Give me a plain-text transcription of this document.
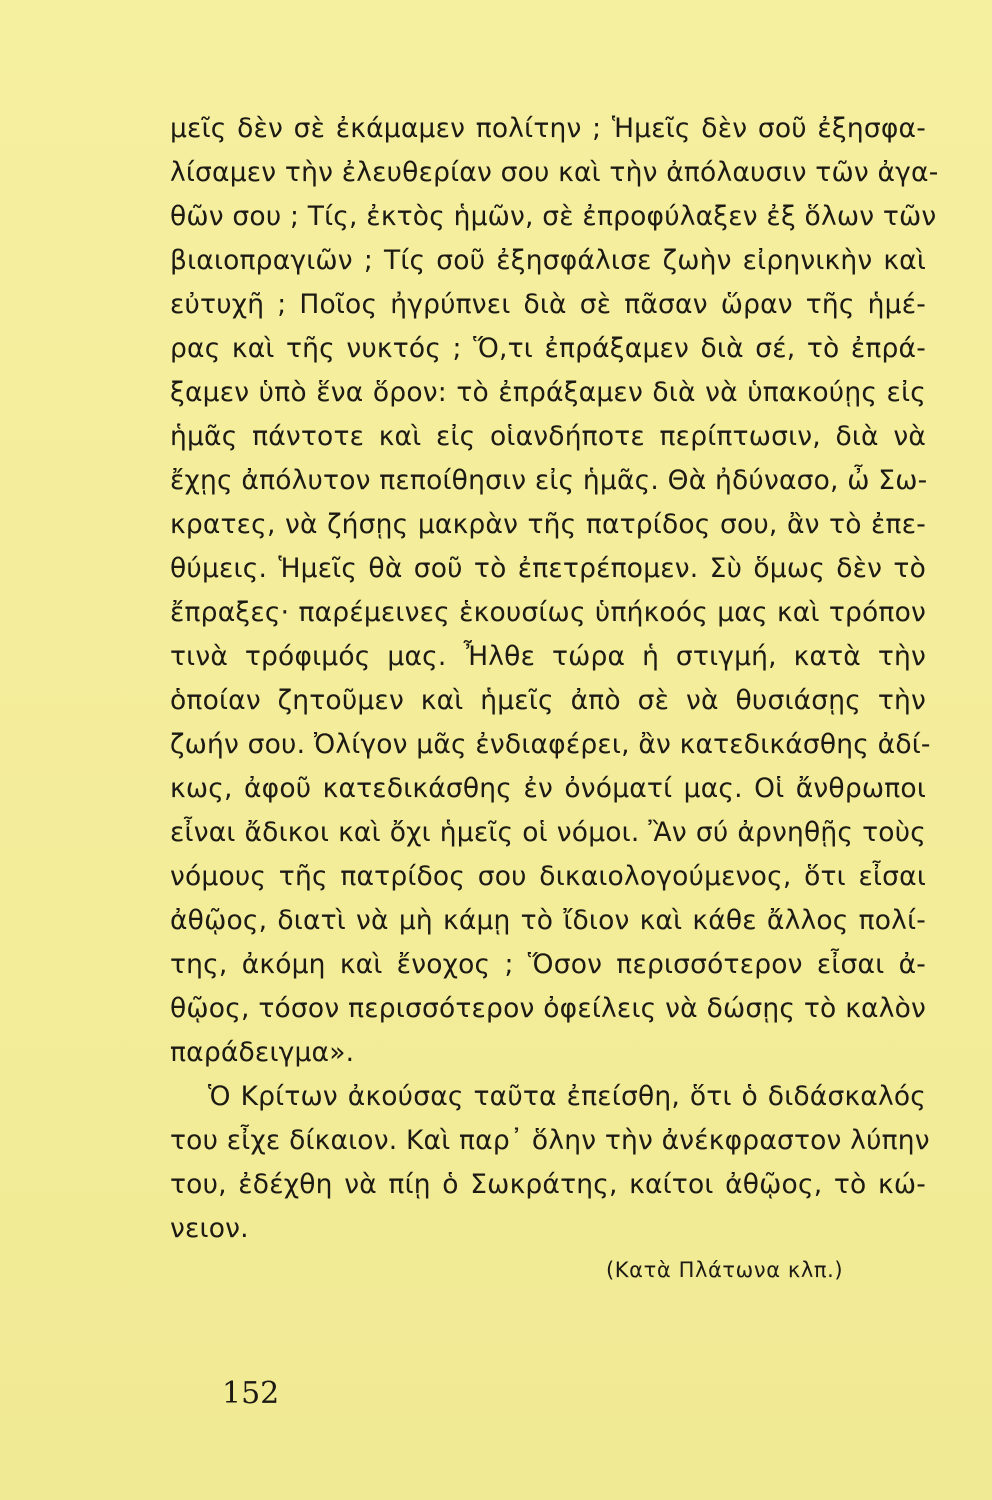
μεῖς δὲν σὲ ἐκάμαμεν πολίτην ; Ἡμεῖς δὲν σοῦ ἐξησφα-
λίσαμεν τὴν ἐλευθερίαν σου καὶ τὴν ἀπόλαυσιν τῶν ἀγα-
θῶν σου ; Τίς, ἐκτὸς ἡμῶν, σὲ ἐπροφύλαξεν ἐξ ὅλων τῶν
βιαιοπραγιῶν ; Τίς σοῦ ἐξησφάλισε ζωὴν εἰρηνικὴν καὶ
εὐτυχῆ ; Ποῖος ἠγρύπνει διὰ σὲ πᾶσαν ὥραν τῆς ἡμέ-
ρας καὶ τῆς νυκτός ; Ὅ,τι ἐπράξαμεν διὰ σέ, τὸ ἐπρά-
ξαμεν ὑπὸ ἕνα ὅρον: τὸ ἐπράξαμεν διὰ νὰ ὑπακούῃς εἰς
ἡμᾶς πάντοτε καὶ εἰς οἱανδήποτε περίπτωσιν, διὰ νὰ
ἔχῃς ἀπόλυτον πεποίθησιν εἰς ἡμᾶς. Θὰ ἠδύνασο, ὦ Σω-
κρατες, νὰ ζήσῃς μακρὰν τῆς πατρίδος σου, ἂν τὸ ἐπε-
θύμεις. Ἡμεῖς θὰ σοῦ τὸ ἐπετρέπομεν. Σὺ ὅμως δὲν τὸ
ἔπραξες· παρέμεινες ἑκουσίως ὑπήκοός μας καὶ τρόπον
τινὰ τρόφιμός μας. Ἦλθε τώρα ἡ στιγμή, κατὰ τὴν
ὁποίαν ζητοῦμεν καὶ ἡμεῖς ἀπὸ σὲ νὰ θυσιάσῃς τὴν
ζωήν σου. Ὀλίγον μᾶς ἐνδιαφέρει, ἂν κατεδικάσθης ἀδί-
κως, ἀφοῦ κατεδικάσθης ἐν ὀνόματί μας. Οἱ ἄνθρωποι
εἶναι ἄδικοι καὶ ὄχι ἡμεῖς οἱ νόμοι. Ἂν σύ ἀρνηθῇς τοὺς
νόμους τῆς πατρίδος σου δικαιολογούμενος, ὅτι εἶσαι
ἀθῷος, διατὶ νὰ μὴ κάμῃ τὸ ἴδιον καὶ κάθε ἄλλος πολί-
της, ἀκόμη καὶ ἔνοχος ; Ὅσον περισσότερον εἶσαι ἀ-
θῷος, τόσον περισσότερον ὀφείλεις νὰ δώσῃς τὸ καλὸν
παράδειγμα».
Ὁ Κρίτων ἀκούσας ταῦτα ἐπείσθη, ὅτι ὁ διδάσκαλός
του εἶχε δίκαιον. Καὶ παρ᾽ ὅλην τὴν ἀνέκφραστον λύπην
του, ἐδέχθη νὰ πίῃ ὁ Σωκράτης, καίτοι ἀθῷος, τὸ κώ-
νειον.
(Κατὰ Πλάτωνα κλπ.)
152
